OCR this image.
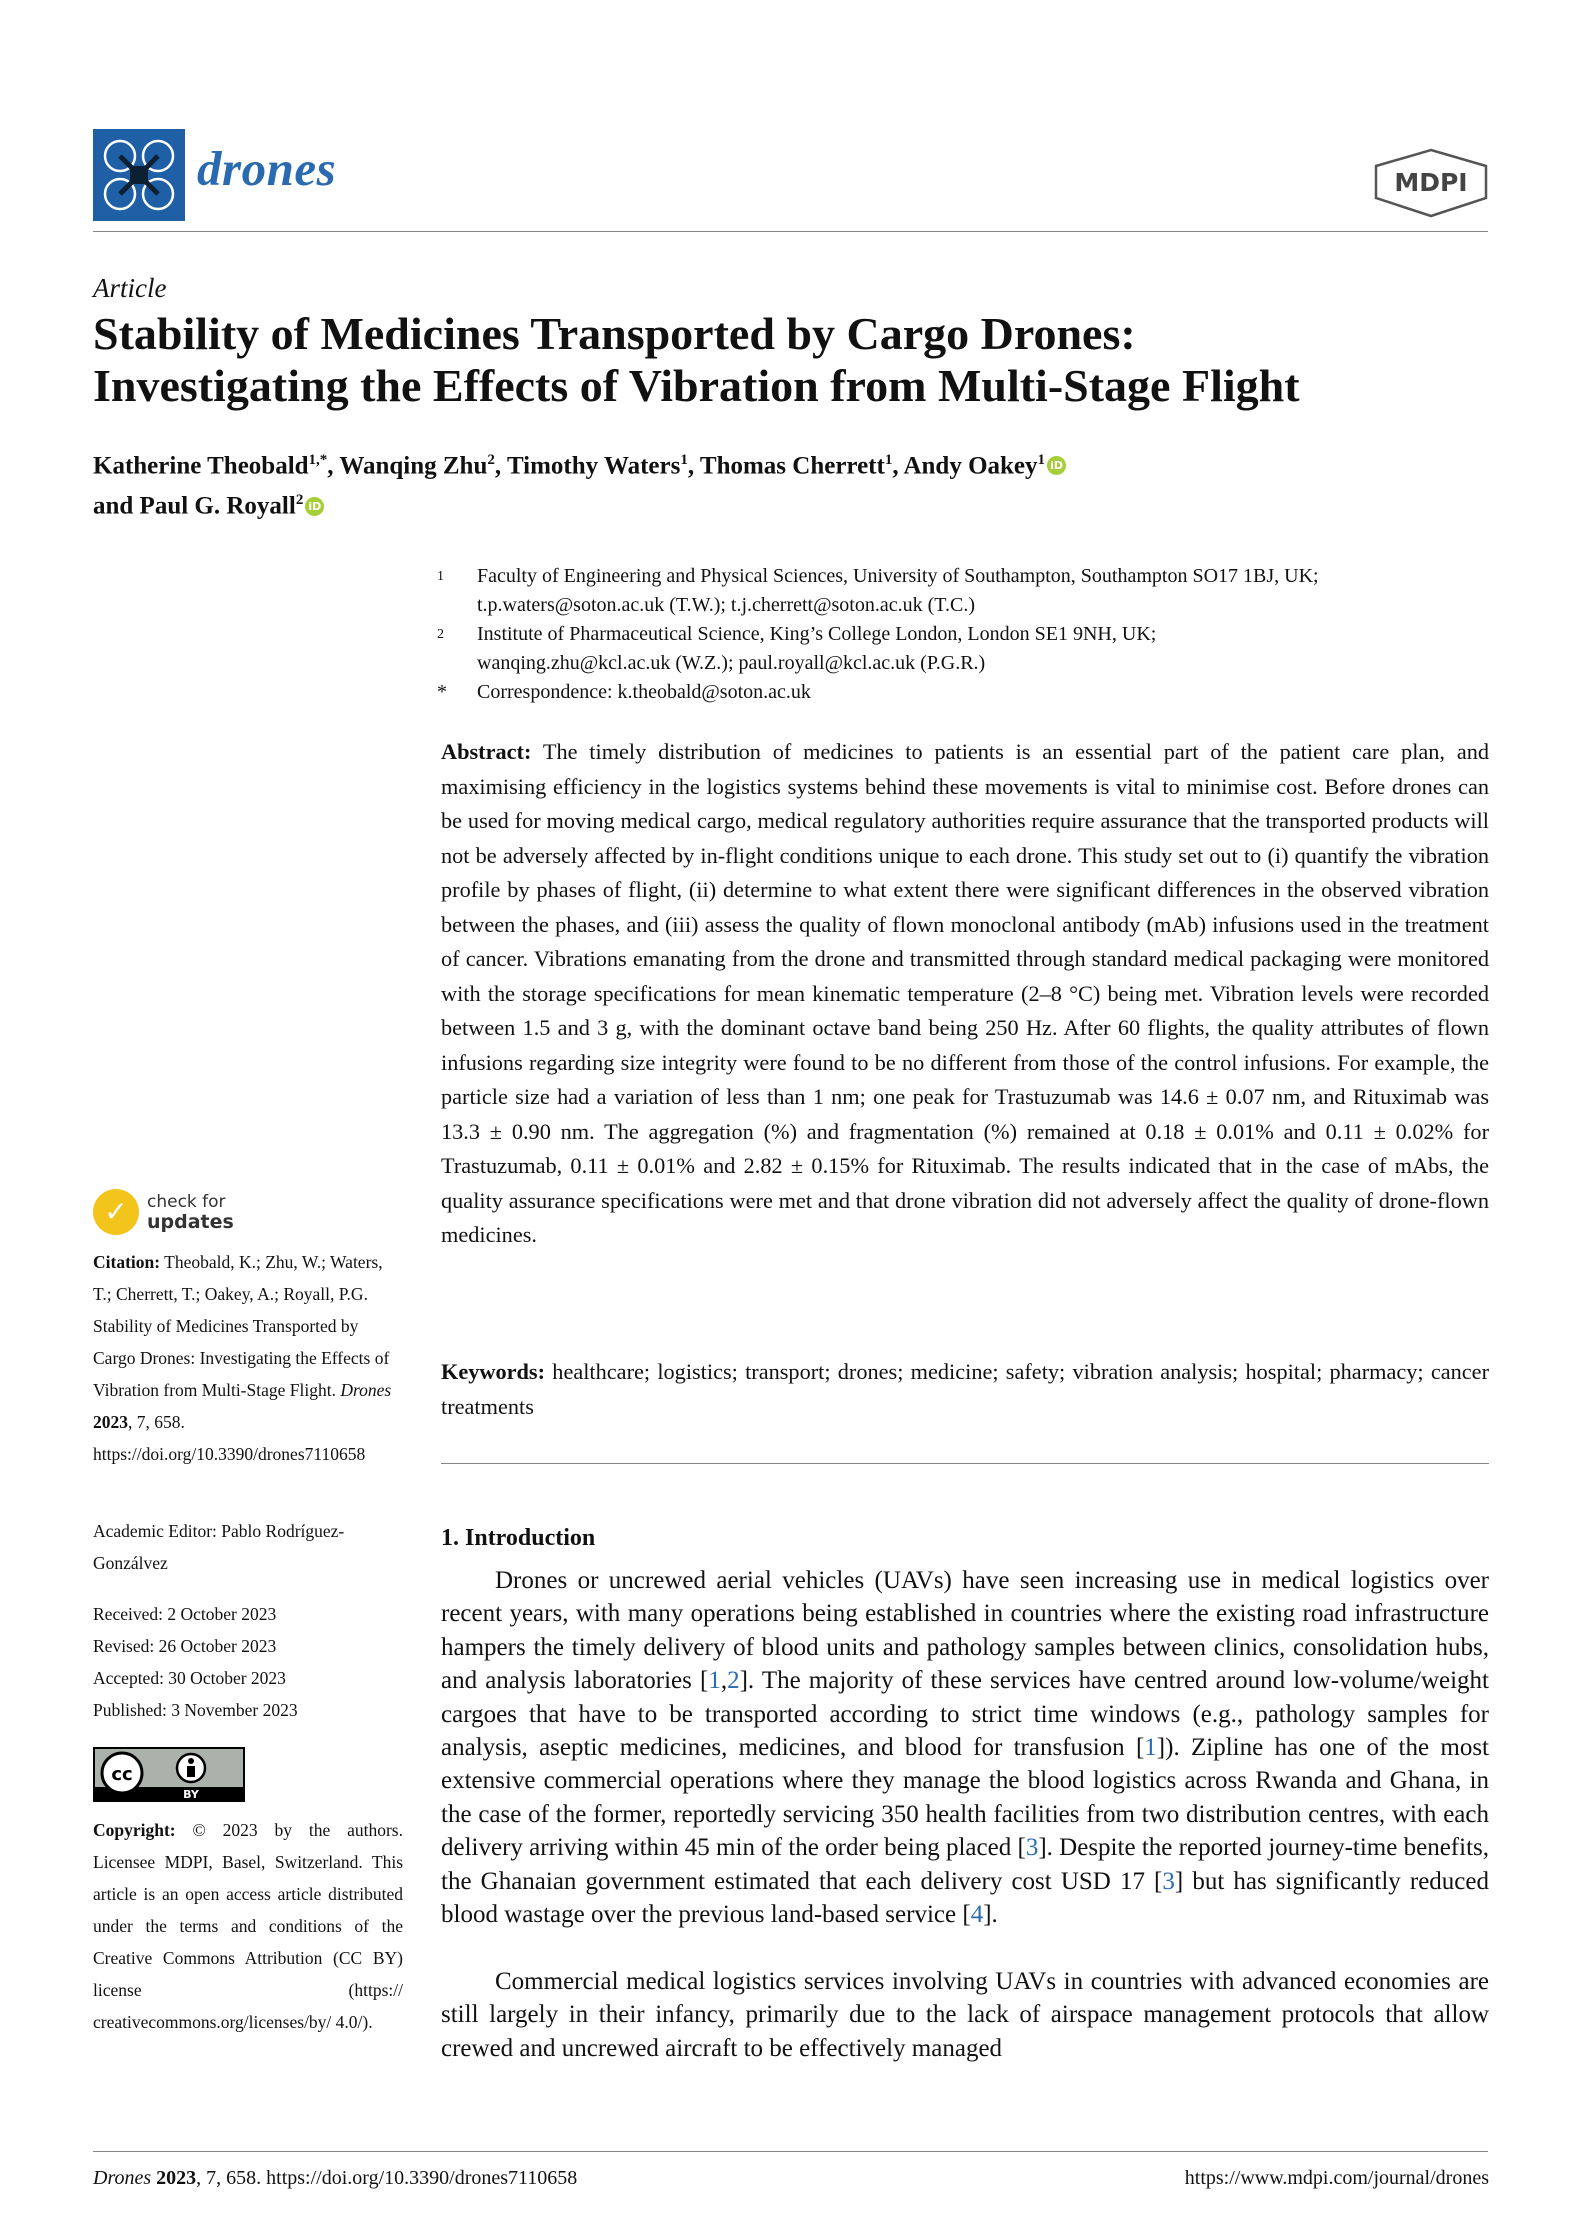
drones	MDPI
Article
Stability of Medicines Transported by Cargo Drones:
Investigating the Effects of Vibration from Multi-Stage Flight
Katherine Theobald$^{1,*}$, Wanqing Zhu$^2$, Timothy Waters$^1$, Thomas Cherrett$^1$, Andy Oakey$^1$ iD
and Paul G. Royall$^2$ iD
1	Faculty of Engineering and Physical Sciences, University of Southampton, Southampton SO17 1BJ, UK;
t.p.waters@soton.ac.uk (T.W.); t.j.cherrett@soton.ac.uk (T.C.)
2	Institute of Pharmaceutical Science, King’s College London, London SE1 9NH, UK;
wanqing.zhu@kcl.ac.uk (W.Z.); paul.royall@kcl.ac.uk (P.G.R.)
*	Correspondence: k.theobald@soton.ac.uk
Abstract: The timely distribution of medicines to patients is an essential part of the patient care plan, and maximising efficiency in the logistics systems behind these movements is vital to minimise cost. Before drones can be used for moving medical cargo, medical regulatory authorities require assurance that the transported products will not be adversely affected by in-flight conditions unique to each drone. This study set out to (i) quantify the vibration profile by phases of flight, (ii) determine to what extent there were significant differences in the observed vibration between the phases, and (iii) assess the quality of flown monoclonal antibody (mAb) infusions used in the treatment of cancer. Vibrations emanating from the drone and transmitted through standard medical packaging were monitored with the storage specifications for mean kinematic temperature (2–8 °C) being met. Vibration levels were recorded between 1.5 and 3 g, with the dominant octave band being 250 Hz. After 60 flights, the quality attributes of flown infusions regarding size integrity were found to be no different from those of the control infusions. For example, the particle size had a variation of less than 1 nm; one peak for Trastuzumab was 14.6 ± 0.07 nm, and Rituximab was 13.3 ± 0.90 nm. The aggregation (%) and fragmentation (%) remained at 0.18 ± 0.01% and 0.11 ± 0.02% for Trastuzumab, 0.11 ± 0.01% and 2.82 ± 0.15% for Rituximab. The results indicated that in the case of mAbs, the quality assurance specifications were met and that drone vibration did not adversely affect the quality of drone-flown medicines.
Keywords: healthcare; logistics; transport; drones; medicine; safety; vibration analysis; hospital; pharmacy; cancer treatments
1. Introduction
Drones or uncrewed aerial vehicles (UAVs) have seen increasing use in medical logistics over recent years, with many operations being established in countries where the existing road infrastructure hampers the timely delivery of blood units and pathology samples between clinics, consolidation hubs, and analysis laboratories [1,2]. The majority of these services have centred around low-volume/weight cargoes that have to be transported according to strict time windows (e.g., pathology samples for analysis, aseptic medicines, medicines, and blood for transfusion [1]). Zipline has one of the most extensive commercial operations where they manage the blood logistics across Rwanda and Ghana, in the case of the former, reportedly servicing 350 health facilities from two distribution centres, with each delivery arriving within 45 min of the order being placed [3]. Despite the reported journey-time benefits, the Ghanaian government estimated that each delivery cost USD 17 [3] but has significantly reduced blood wastage over the previous land-based service [4].
Commercial medical logistics services involving UAVs in countries with advanced economies are still largely in their infancy, primarily due to the lack of airspace management protocols that allow crewed and uncrewed aircraft to be effectively managed
✓	check for
updates
Citation: Theobald, K.; Zhu, W.; Waters, T.; Cherrett, T.; Oakey, A.; Royall, P.G. Stability of Medicines Transported by Cargo Drones: Investigating the Effects of Vibration from Multi-Stage Flight. Drones 2023, 7, 658. https://doi.org/10.3390/drones7110658
Academic Editor: Pablo Rodríguez-Gonzálvez
Received: 2 October 2023
Revised: 26 October 2023
Accepted: 30 October 2023
Published: 3 November 2023
cc
BY
Copyright: © 2023 by the authors. Licensee MDPI, Basel, Switzerland. This article is an open access article distributed under the terms and conditions of the Creative Commons Attribution (CC BY) license (https:// creativecommons.org/licenses/by/ 4.0/).
Drones 2023, 7, 658. https://doi.org/10.3390/drones7110658	https://www.mdpi.com/journal/drones
